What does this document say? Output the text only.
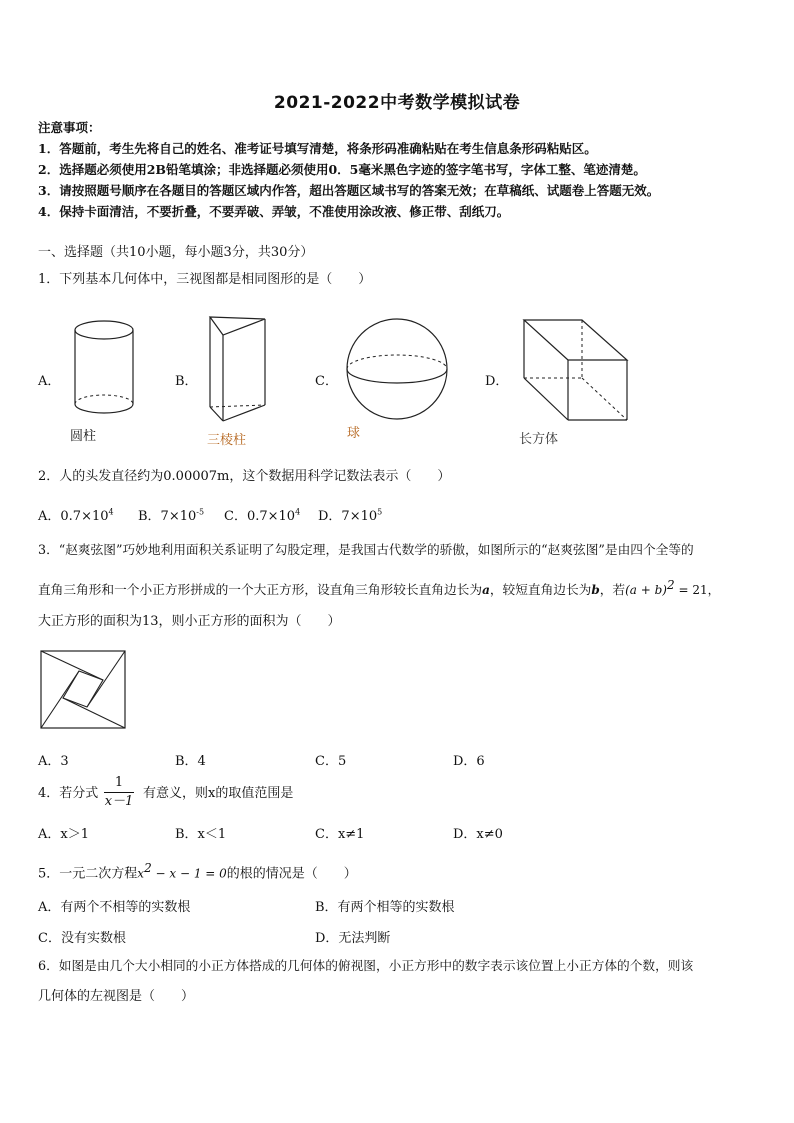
2021-2022中考数学模拟试卷
注意事项：
1．答题前，考生先将自己的姓名、准考证号填写清楚，将条形码准确粘贴在考生信息条形码粘贴区。
2．选择题必须使用2B铅笔填涂；非选择题必须使用0．5毫米黑色字迹的签字笔书写，字体工整、笔迹清楚。
3．请按照题号顺序在各题目的答题区域内作答，超出答题区域书写的答案无效；在草稿纸、试题卷上答题无效。
4．保持卡面清洁，不要折叠，不要弄破、弄皱，不准使用涂改液、修正带、刮纸刀。
一、选择题（共10小题，每小题3分，共30分）
1．下列基本几何体中，三视图都是相同图形的是（　　）
A．
圆柱
B．
三棱柱
C．
球
D．
长方体
2．人的头发直径约为0.00007m，这个数据用科学记数法表示（　　）
A．$0.7\times 10^4$ B．$7\times 10^{-5}$ C．$0.7\times 10^4$ D．$7\times 10^5$
3．“赵爽弦图”巧妙地利用面积关系证明了勾股定理，是我国古代数学的骄傲，如图所示的“赵爽弦图”是由四个全等的
直角三角形和一个小正方形拼成的一个大正方形，设直角三角形较长直角边长为a，较短直角边长为b，若$(a + b)^2 = 21$，
大正方形的面积为13，则小正方形的面积为（　　）
A．3	B．4	C．5	D．6
4．若分式
1
x－1
有意义，则x的取值范围是
A．x＞1	B．x＜1	C．x≠1	D．x≠0
5．一元二次方程$x^2 - x - 1 = 0$的根的情况是（　　）
A．有两个不相等的实数根	B．有两个相等的实数根
C．没有实数根	D．无法判断
6．如图是由几个大小相同的小正方体搭成的几何体的俯视图，小正方形中的数字表示该位置上小正方体的个数，则该
几何体的左视图是（　　）
